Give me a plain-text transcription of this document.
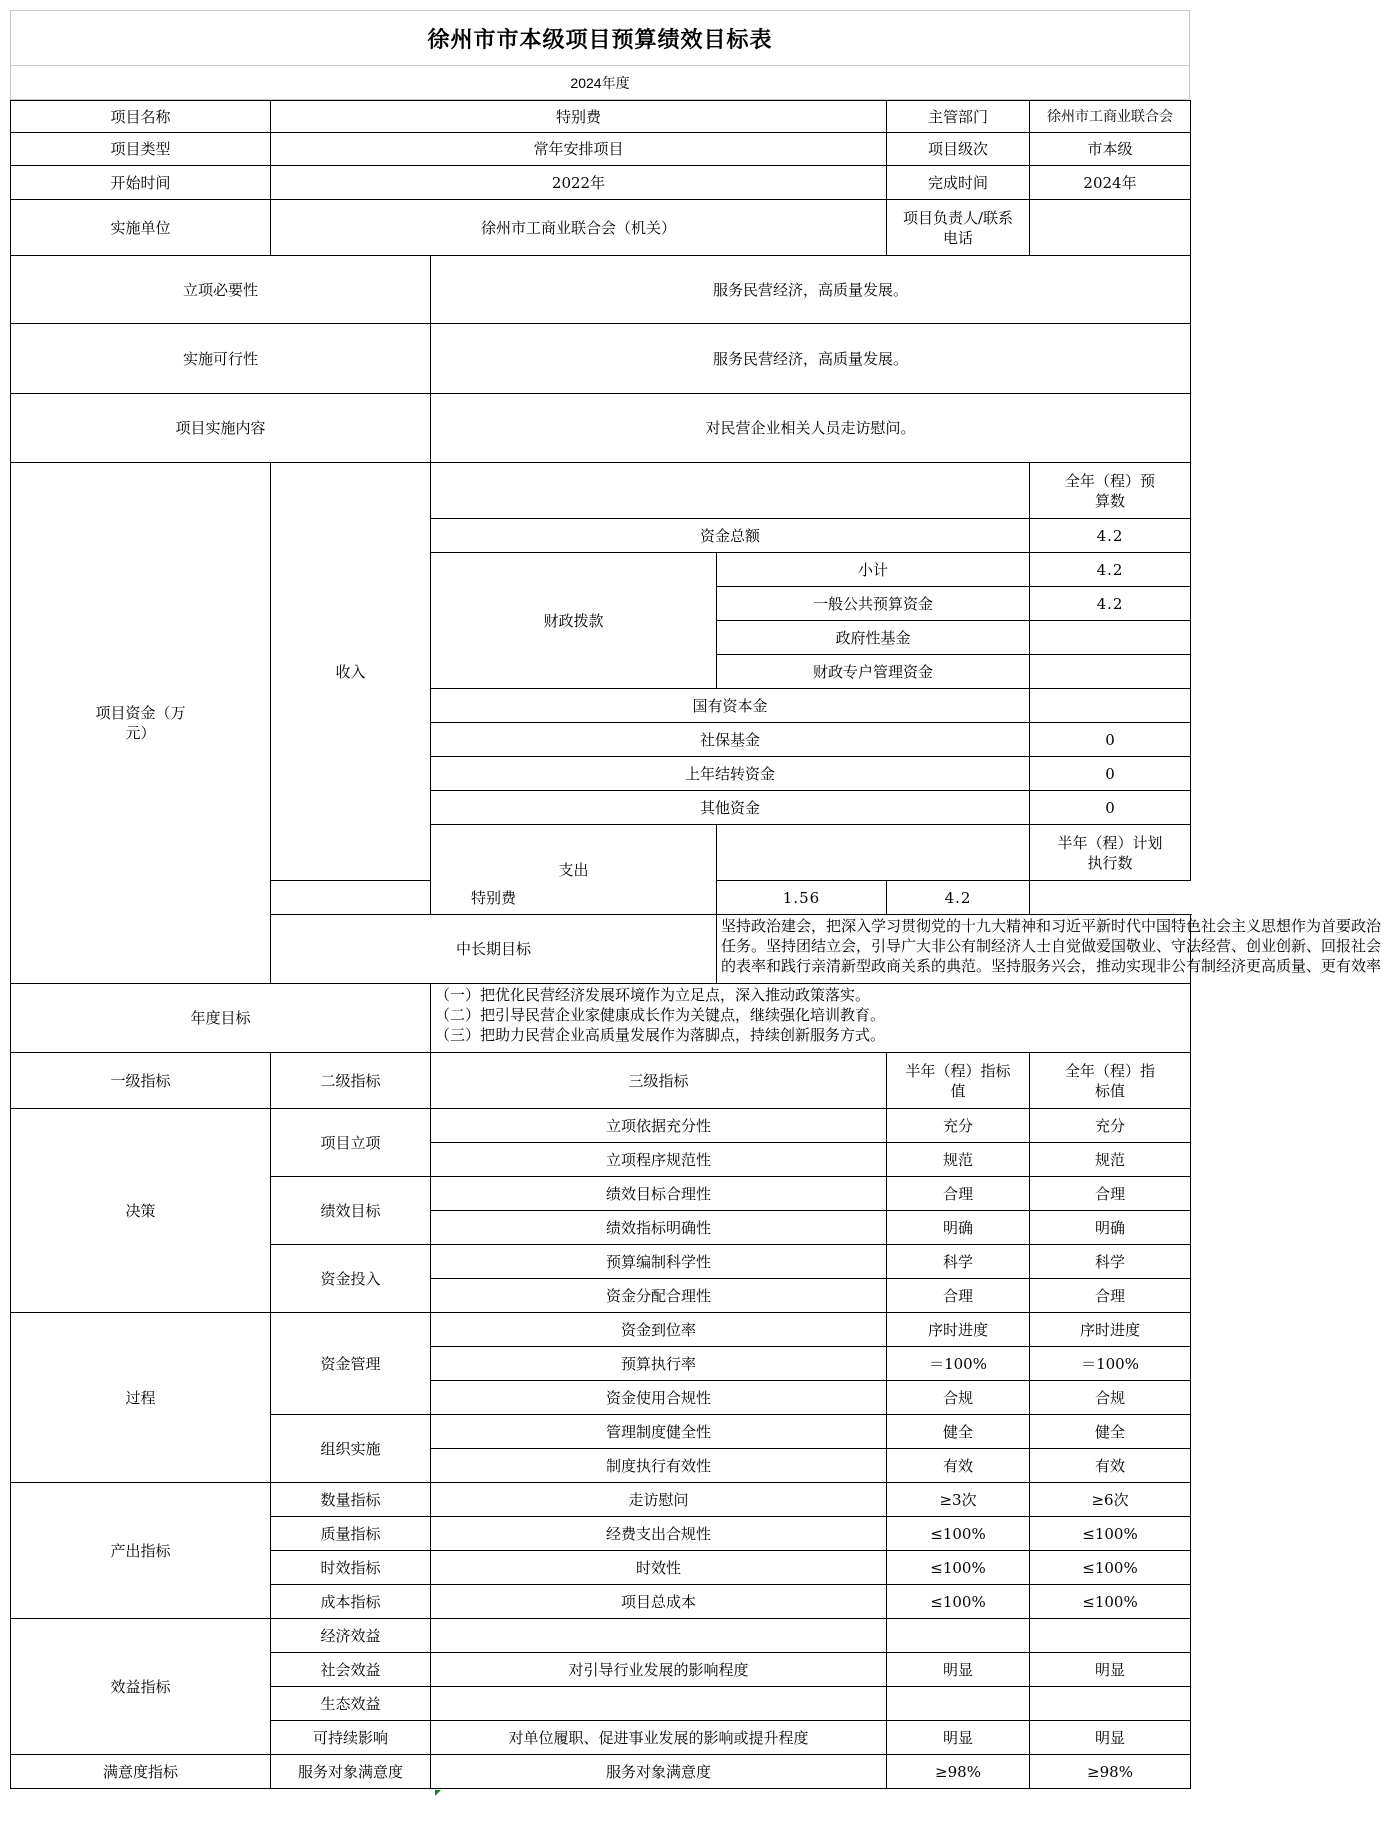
徐州市市本级项目预算绩效目标表
2024年度
项目名称	特别费			主管部门	徐州市工商业联合会	
项目类型	常年安排项目			项目级次	市本级	
开始时间	2022年			完成时间	2024年	
实施单位	徐州市工商业联合会（机关）			项目负责人/联系电话		

立项必要性		服务民营经济，高质量发展。				
实施可行性		服务民营经济，高质量发展。				
项目实施内容		对民营企业相关人员走访慰问。				

项目资金（万元）	收入				全年（程）预算数	

		资金总额			4.2	
		财政拨款	小计		4.2	
			一般公共预算资金		4.2	
			政府性基金			
			财政专户管理资金			
		国有资本金				
		社保基金			0	
		上年结转资金			0	
		其他资金			0	
		支出			半年（程）计划执行数

	特别费		1.56	4.2		
	中长期目标		坚持政治建会，把深入学习贯彻党的十九大精神和习近平新时代中国特色社会主义思想作为首要政治
任务。坚持团结立会，引导广大非公有制经济人士自觉做爱国敬业、守法经营、创业创新、回报社会
的表率和践行亲清新型政商关系的典范。坚持服务兴会，推动实现非公有制经济更高质量、更有效率			

年度目标		（一）把优化民营经济发展环境作为立足点，深入推动政策落实。
（二）把引导民营企业家健康成长作为关键点，继续强化培训教育。
（三）把助力民营企业高质量发展作为落脚点，持续创新服务方式。				

一级指标	二级指标	三级指标		半年（程）指标值	全年（程）指标值	

决策	项目立项	立项依据充分性		充分	充分	
		立项程序规范性		规范	规范	
	绩效目标	绩效目标合理性		合理	合理	
		绩效指标明确性		明确	明确	
	资金投入	预算编制科学性		科学	科学	
		资金分配合理性		合理	合理	
过程	资金管理	资金到位率		序时进度	序时进度	
		预算执行率		＝100%	＝100%	
		资金使用合规性		合规	合规	
	组织实施	管理制度健全性		健全	健全	
		制度执行有效性		有效	有效	
产出指标	数量指标	走访慰问		≥3次	≥6次	
	质量指标	经费支出合规性		≤100%	≤100%	
	时效指标	时效性		≤100%	≤100%	
	成本指标	项目总成本		≤100%	≤100%	
效益指标	经济效益					
	社会效益	对引导行业发展的影响程度		明显	明显	
	生态效益					
	可持续影响	对单位履职、促进事业发展的影响或提升程度		明显	明显	
满意度指标	服务对象满意度	服务对象满意度		≥98%	≥98%	
